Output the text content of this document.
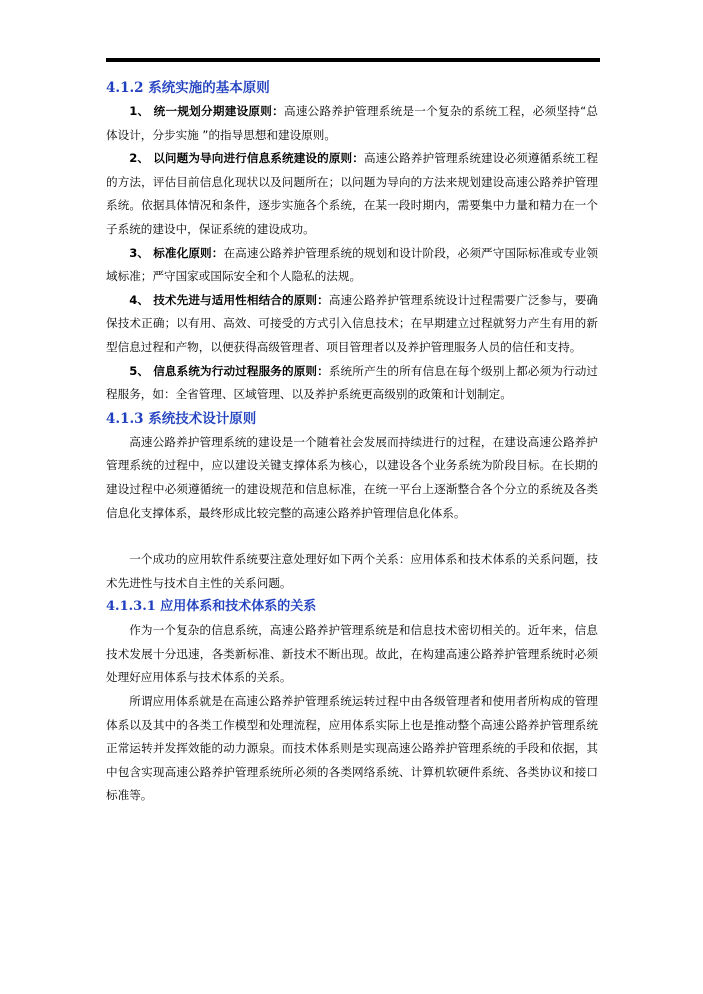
4.1.2 系统实施的基本原则

1、 统一规划分期建设原则：高速公路养护管理系统是一个复杂的系统工程，必须坚持“总体设计，分步实施 ”的指导思想和建设原则。

2、 以问题为导向进行信息系统建设的原则：高速公路养护管理系统建设必须遵循系统工程的方法，评估目前信息化现状以及问题所在；以问题为导向的方法来规划建设高速公路养护管理系统。依据具体情况和条件，逐步实施各个系统，在某一段时期内，需要集中力量和精力在一个子系统的建设中，保证系统的建设成功。

3、 标准化原则：在高速公路养护管理系统的规划和设计阶段，必须严守国际标准或专业领域标准；严守国家或国际安全和个人隐私的法规。

4、 技术先进与适用性相结合的原则：高速公路养护管理系统设计过程需要广泛参与，要确保技术正确；以有用、高效、可接受的方式引入信息技术；在早期建立过程就努力产生有用的新型信息过程和产物，以便获得高级管理者、项目管理者以及养护管理服务人员的信任和支持。

5、 信息系统为行动过程服务的原则：系统所产生的所有信息在每个级别上都必须为行动过程服务，如：全省管理、区域管理、以及养护系统更高级别的政策和计划制定。

4.1.3 系统技术设计原则

高速公路养护管理系统的建设是一个随着社会发展而持续进行的过程，在建设高速公路养护管理系统的过程中，应以建设关键支撑体系为核心，以建设各个业务系统为阶段目标。在长期的建设过程中必须遵循统一的建设规范和信息标准，在统一平台上逐渐整合各个分立的系统及各类信息化支撑体系，最终形成比较完整的高速公路养护管理信息化体系。

一个成功的应用软件系统要注意处理好如下两个关系：应用体系和技术体系的关系问题，技术先进性与技术自主性的关系问题。

4.1.3.1 应用体系和技术体系的关系

作为一个复杂的信息系统，高速公路养护管理系统是和信息技术密切相关的。近年来，信息技术发展十分迅速，各类新标准、新技术不断出现。故此，在构建高速公路养护管理系统时必须处理好应用体系与技术体系的关系。

所谓应用体系就是在高速公路养护管理系统运转过程中由各级管理者和使用者所构成的管理体系以及其中的各类工作模型和处理流程，应用体系实际上也是推动整个高速公路养护管理系统正常运转并发挥效能的动力源泉。而技术体系则是实现高速公路养护管理系统的手段和依据，其中包含实现高速公路养护管理系统所必须的各类网络系统、计算机软硬件系统、各类协议和接口标准等。
